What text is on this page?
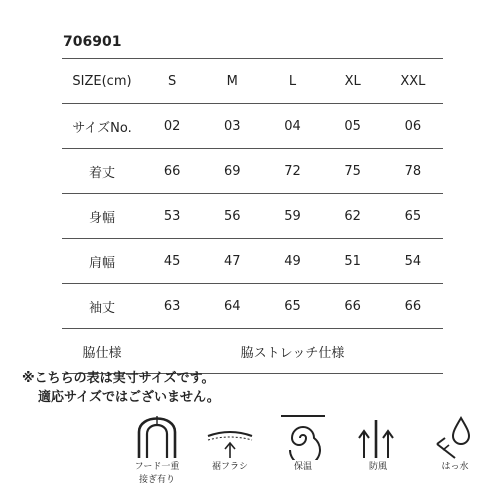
706901
SIZE(cm)	S	M	L	XL	XXL
サイズNo.	02	03	04	05	06
着丈	66	69	72	75	78
身幅	53	56	59	62	65
肩幅	45	47	49	51	54
袖丈	63	64	65	66	66
脇仕様	脇ストレッチ仕様				
※こちらの表は実寸サイズです。
適応サイズではございません。
フード一重
接ぎ有り
裾フラシ	保温	防風	はっ水
